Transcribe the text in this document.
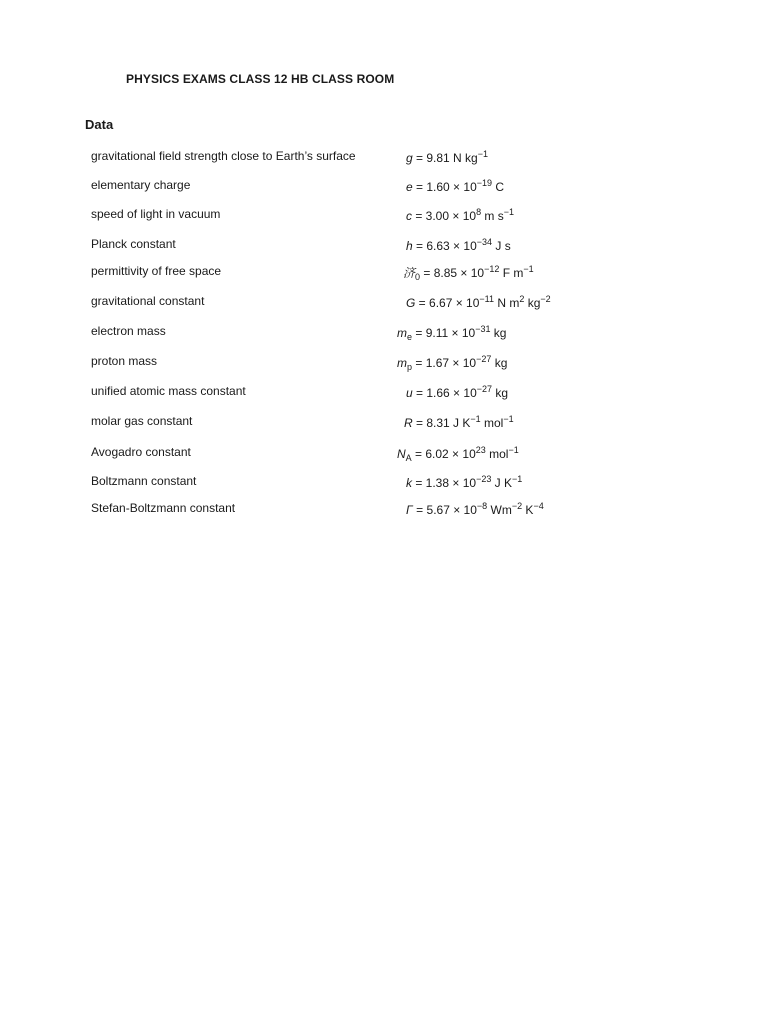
PHYSICS EXAMS CLASS 12 HB CLASS ROOM
Data
gravitational field strength close to Earth’s surface	g = 9.81 N $kg^{-1}$
elementary charge	$e = 1.60 \times 10^{-19}$ C
speed of light in vacuum	$c = 3.00 \times 10^8$ m $s^{-1}$
Planck constant	$h = 6.63 \times 10^{-34}$ J s
permittivity of free space	济$_0 = 8.85 \times 10^{-12}$ F $m^{-1}$
gravitational constant	$G = 6.67 \times 10^{-11}$ N $m^2$ $kg^{-2}$
electron mass	$m_e = 9.11 \times 10^{-31}$ kg
proton mass	$m_p = 1.67 \times 10^{-27}$ kg
unified atomic mass constant	$u = 1.66 \times 10^{-27}$ kg
molar gas constant	R = 8.31 J $K^{-1}$ mol$^{-1}$
Avogadro constant	$N_A = 6.02 \times 10^{23}$ mol$^{-1}$
Boltzmann constant	$k = 1.38 \times 10^{-23}$ J $K^{-1}$
Stefan-Boltzmann constant	$\Gamma = 5.67 \times 10^{-8}$ $Wm^{-2}$ $K^{-4}$
